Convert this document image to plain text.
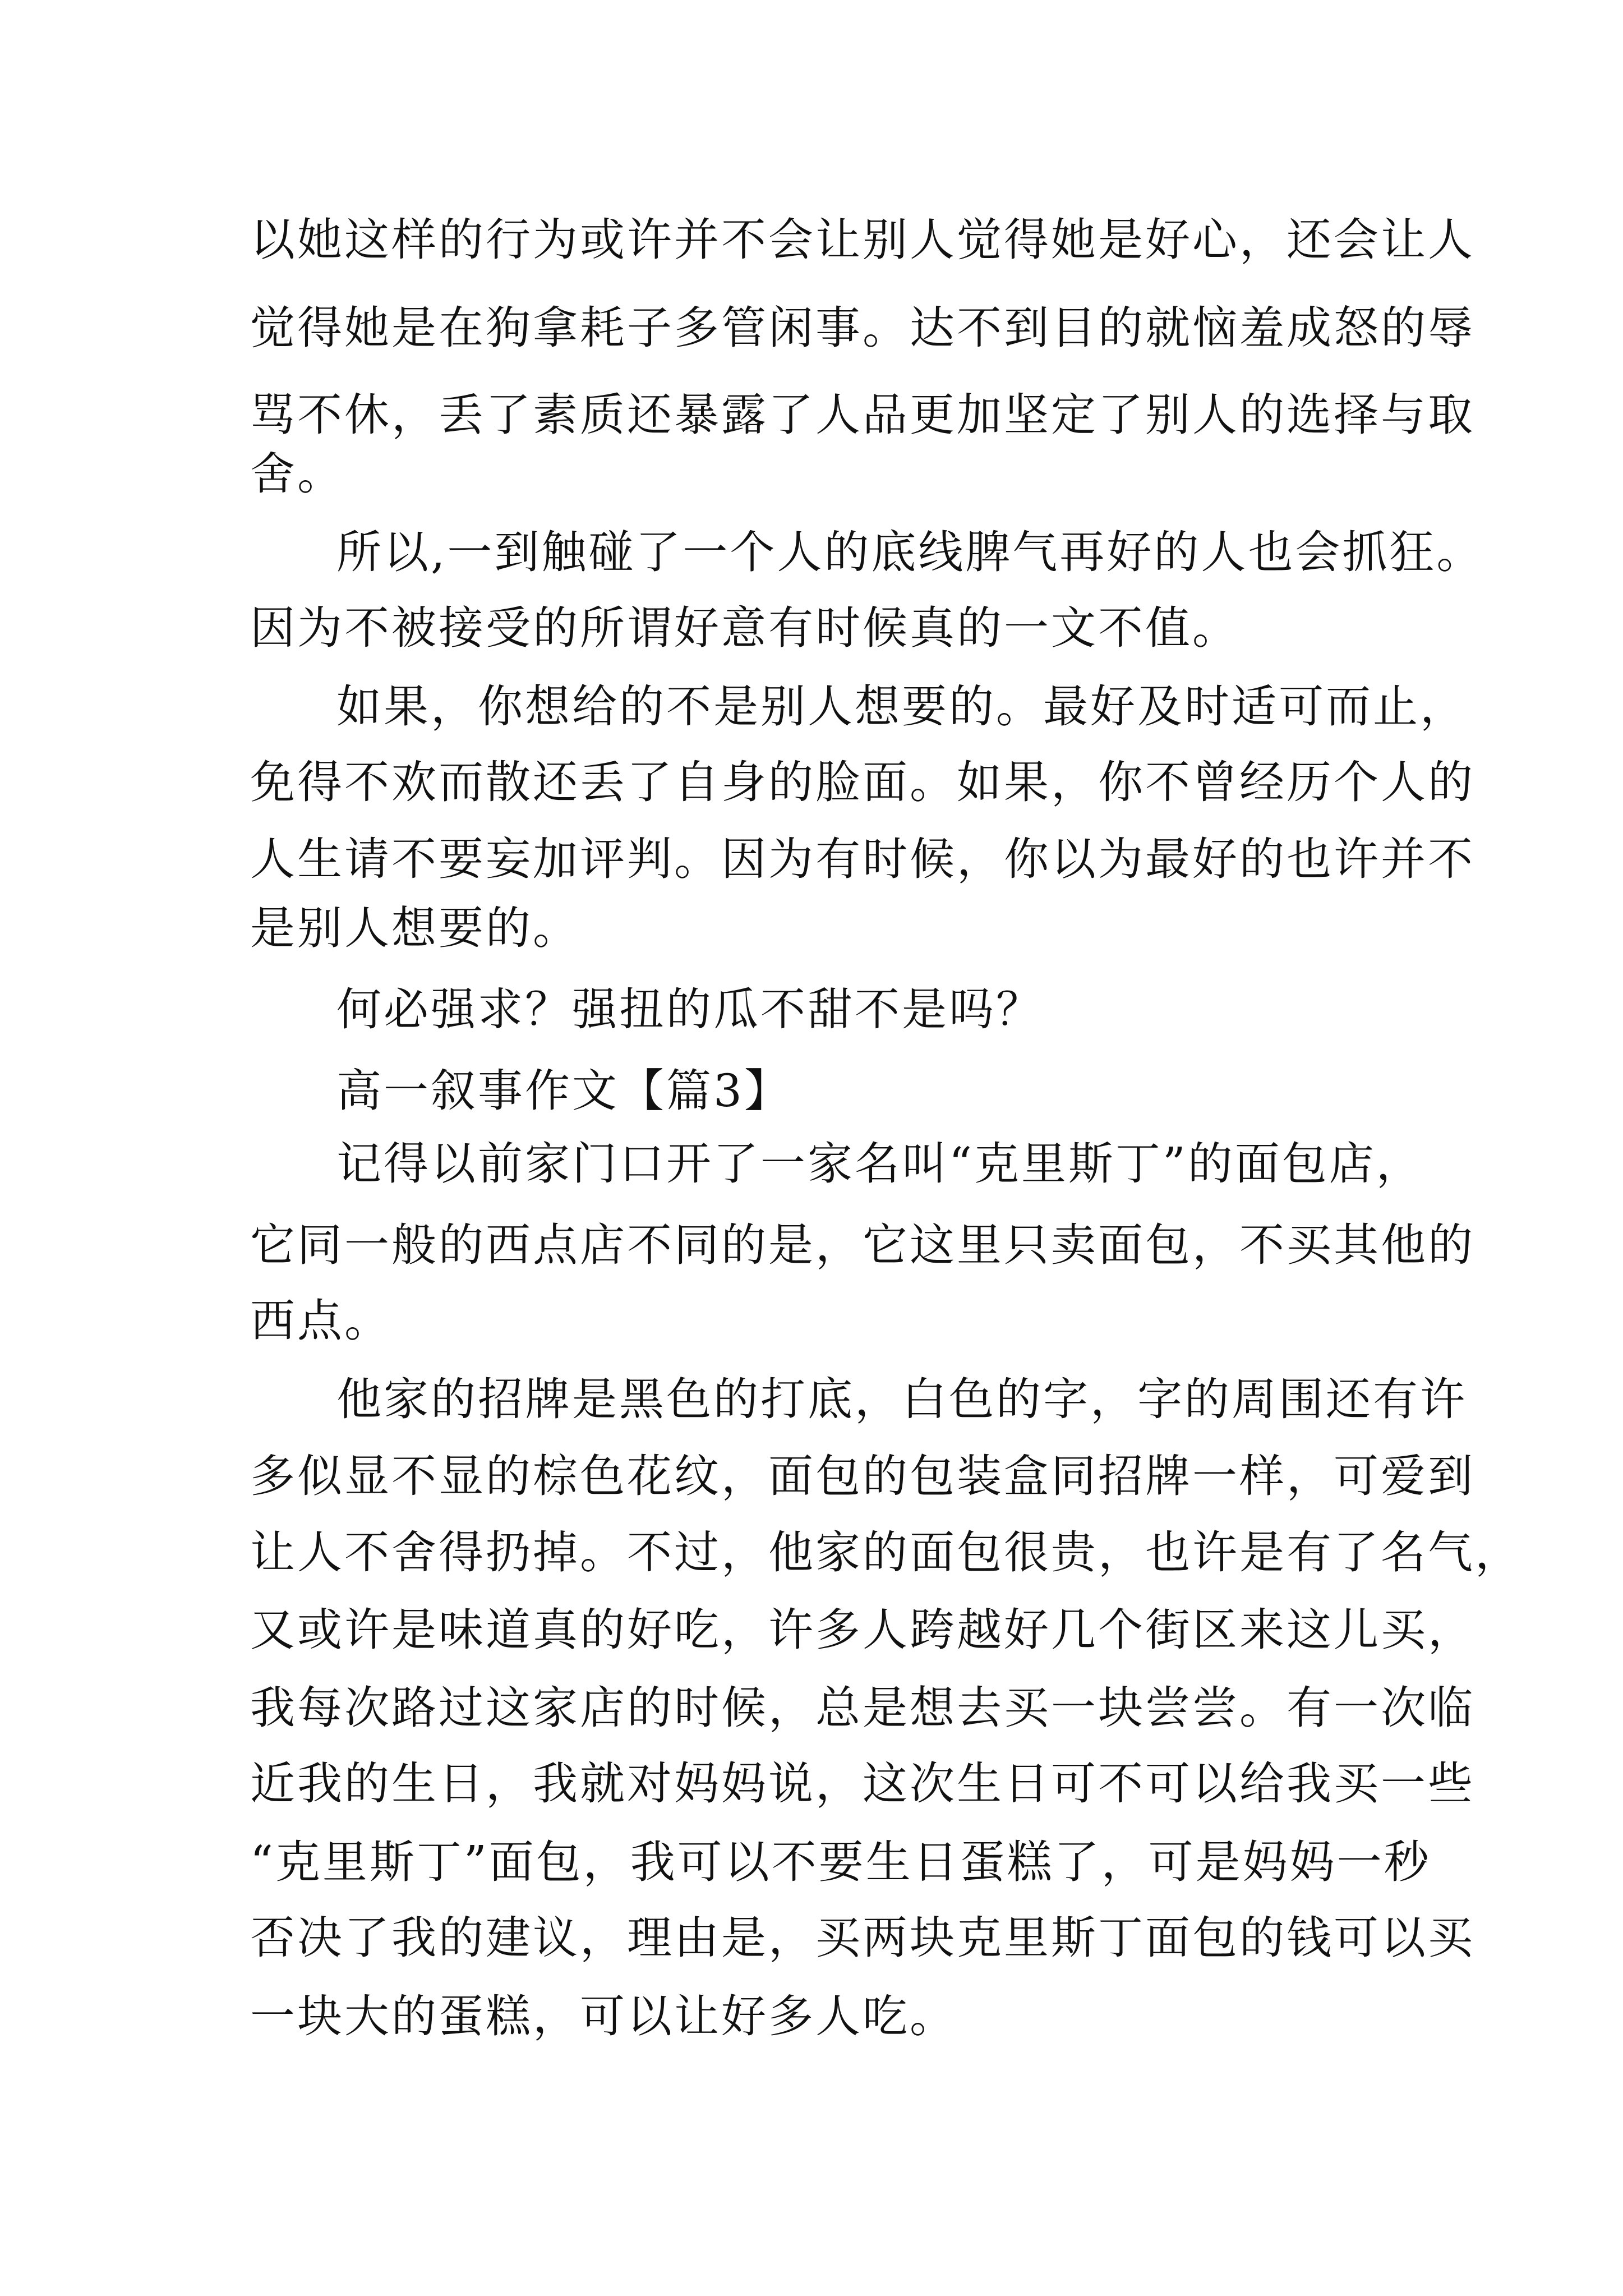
以她这样的行为或许并不会让别人觉得她是好心，还会让人
觉得她是在狗拿耗子多管闲事。达不到目的就恼羞成怒的辱
骂不休，丢了素质还暴露了人品更加坚定了别人的选择与取
舍。
所以,一到触碰了一个人的底线脾气再好的人也会抓狂。
因为不被接受的所谓好意有时候真的一文不值。
如果，你想给的不是别人想要的。最好及时适可而止，
免得不欢而散还丢了自身的脸面。如果，你不曾经历个人的
人生请不要妄加评判。因为有时候，你以为最好的也许并不
是别人想要的。
何必强求？强扭的瓜不甜不是吗？
高一叙事作文【篇3】
记得以前家门口开了一家名叫“克里斯丁”的面包店，
它同一般的西点店不同的是，它这里只卖面包，不买其他的
西点。
他家的招牌是黑色的打底，白色的字，字的周围还有许
多似显不显的棕色花纹，面包的包装盒同招牌一样，可爱到
让人不舍得扔掉。不过，他家的面包很贵，也许是有了名气，
又或许是味道真的好吃，许多人跨越好几个街区来这儿买，
我每次路过这家店的时候，总是想去买一块尝尝。有一次临
近我的生日，我就对妈妈说，这次生日可不可以给我买一些
“克里斯丁”面包，我可以不要生日蛋糕了，可是妈妈一秒
否决了我的建议，理由是，买两块克里斯丁面包的钱可以买
一块大的蛋糕，可以让好多人吃。
